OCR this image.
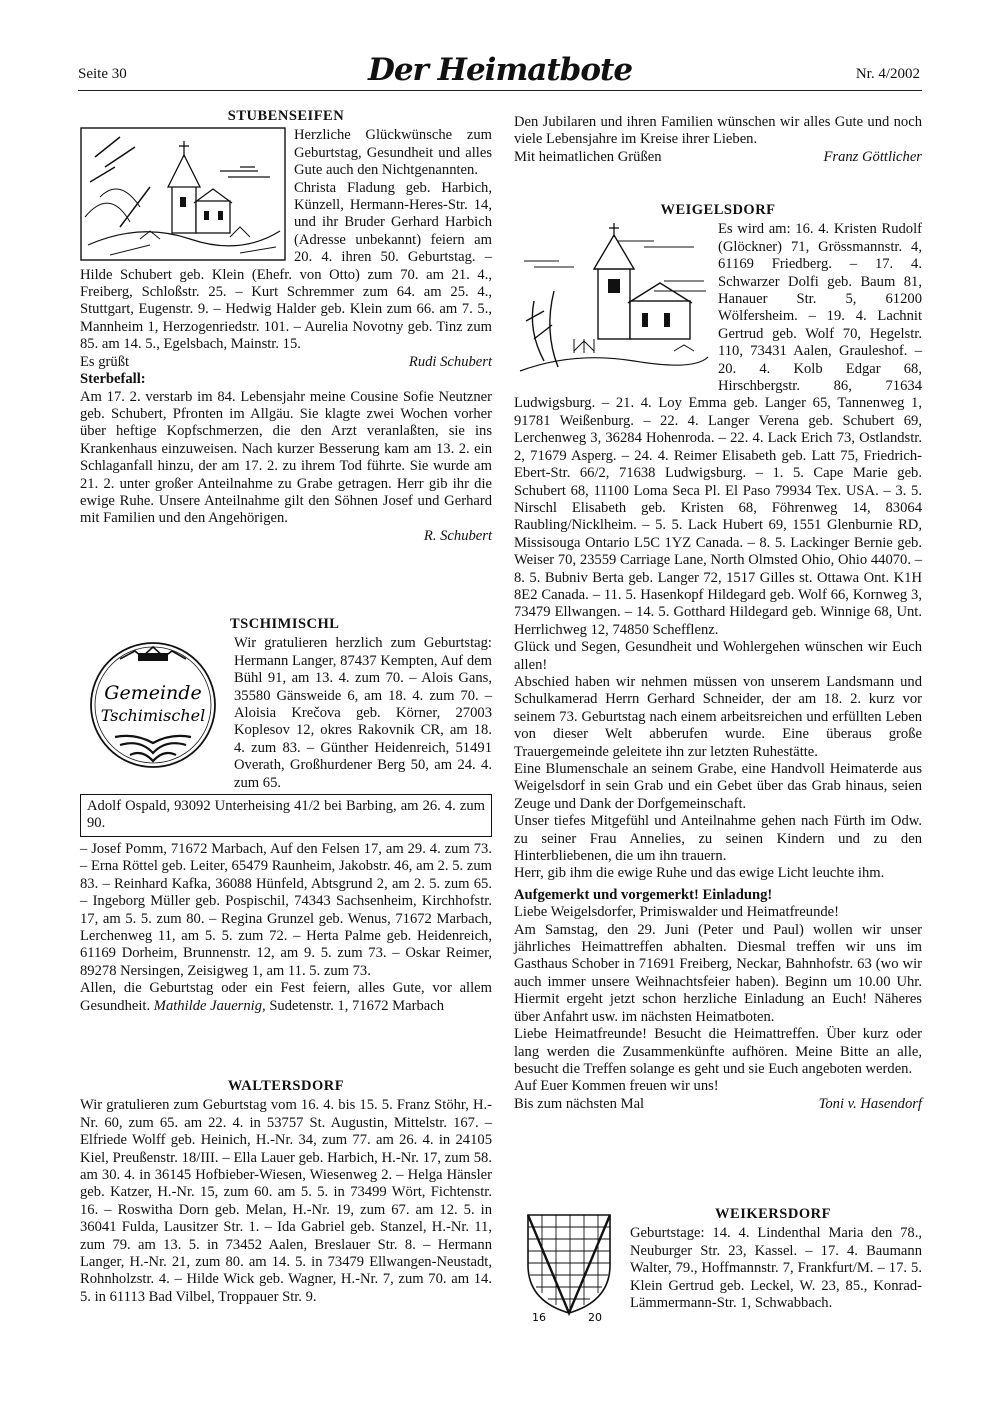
Seite 30	Der Heimatbote	Nr. 4/2002
STUBENSEIFEN

Herzliche Glückwünsche zum Geburtstag, Gesundheit und alles Gute auch den Nichtgenannten.

Christa Fladung geb. Harbich, Künzell, Hermann-Heres-Str. 14, und ihr Bruder Gerhard Harbich (Adresse unbekannt) feiern am 20. 4. ihren 50. Geburtstag. – Hilde Schubert geb. Klein (Ehefr. von Otto) zum 70. am 21. 4., Freiberg, Schloßstr. 25. – Kurt Schremmer zum 64. am 25. 4., Stuttgart, Eugenstr. 9. – Hedwig Halder geb. Klein zum 66. am 7. 5., Mannheim 1, Herzogenriedstr. 101. – Aurelia Novotny geb. Tinz zum 85. am 14. 5., Egelsbach, Mainstr. 15.

Es grüßt	Rudi Schubert

Sterbefall:

Am 17. 2. verstarb im 84. Lebensjahr meine Cousine Sofie Neutzner geb. Schubert, Pfronten im Allgäu. Sie klagte zwei Wochen vorher über heftige Kopfschmerzen, die den Arzt veranlaßten, sie ins Krankenhaus einzuweisen. Nach kurzer Besserung kam am 13. 2. ein Schlaganfall hinzu, der am 17. 2. zu ihrem Tod führte. Sie wurde am 21. 2. unter großer Anteilnahme zu Grabe getragen. Herr gib ihr die ewige Ruhe. Unsere Anteilnahme gilt den Söhnen Josef und Gerhard mit Familien und den Angehörigen.

R. Schubert
TSCHIMISCHL
Gemeinde
Tschimischel

Wir gratulieren herzlich zum Geburtstag: Hermann Langer, 87437 Kempten, Auf dem Bühl 91, am 13. 4. zum 70. – Alois Gans, 35580 Gänsweide 6, am 18. 4. zum 70. – Aloisia Krečova geb. Körner, 27003 Koplesov 12, okres Rakovnik CR, am 18. 4. zum 83. – Günther Heidenreich, 51491 Overath, Großhurdener Berg 50, am 24. 4. zum 65.

Adolf Ospald, 93092 Unterheising 41/2 bei Barbing, am 26. 4. zum 90.

– Josef Pomm, 71672 Marbach, Auf den Felsen 17, am 29. 4. zum 73. – Erna Röttel geb. Leiter, 65479 Raunheim, Jakobstr. 46, am 2. 5. zum 83. – Reinhard Kafka, 36088 Hünfeld, Abtsgrund 2, am 2. 5. zum 65. – Ingeborg Müller geb. Pospischil, 74343 Sachsenheim, Kirchhofstr. 17, am 5. 5. zum 80. – Regina Grunzel geb. Wenus, 71672 Marbach, Lerchenweg 11, am 5. 5. zum 72. – Herta Palme geb. Heidenreich, 61169 Dorheim, Brunnenstr. 12, am 9. 5. zum 73. – Oskar Reimer, 89278 Nersingen, Zeisigweg 1, am 11. 5. zum 73.

Allen, die Geburtstag oder ein Fest feiern, alles Gute, vor allem Gesundheit. Mathilde Jauernig, Sudetenstr. 1, 71672 Marbach

WALTERSDORF

Wir gratulieren zum Geburtstag vom 16. 4. bis 15. 5. Franz Stöhr, H.-Nr. 60, zum 65. am 22. 4. in 53757 St. Augustin, Mittelstr. 167. – Elfriede Wolff geb. Heinich, H.-Nr. 34, zum 77. am 26. 4. in 24105 Kiel, Preußenstr. 18/III. – Ella Lauer geb. Harbich, H.-Nr. 17, zum 58. am 30. 4. in 36145 Hofbieber-Wiesen, Wiesenweg 2. – Helga Hänsler geb. Katzer, H.-Nr. 15, zum 60. am 5. 5. in 73499 Wört, Fichtenstr. 16. – Roswitha Dorn geb. Melan, H.-Nr. 19, zum 67. am 12. 5. in 36041 Fulda, Lausitzer Str. 1. – Ida Gabriel geb. Stanzel, H.-Nr. 11, zum 79. am 13. 5. in 73452 Aalen, Breslauer Str. 8. – Hermann Langer, H.-Nr. 21, zum 80. am 14. 5. in 73479 Ellwangen-Neustadt, Rohnholzstr. 4. – Hilde Wick geb. Wagner, H.-Nr. 7, zum 70. am 14. 5. in 61113 Bad Vilbel, Troppauer Str. 9.

Den Jubilaren und ihren Familien wünschen wir alles Gute und noch viele Lebensjahre im Kreise ihrer Lieben.

Mit heimatlichen Grüßen	Franz Göttlicher
WEIGELSDORF

Es wird am: 16. 4. Kristen Rudolf (Glöckner) 71, Grössmannstr. 4, 61169 Friedberg. – 17. 4. Schwarzer Dolfi geb. Baum 81, Hanauer Str. 5, 61200 Wölfersheim. – 19. 4. Lachnit Gertrud geb. Wolf 70, Hegelstr. 110, 73431 Aalen, Grauleshof. – 20. 4. Kolb Edgar 68, Hirschbergstr. 86, 71634 Ludwigsburg. – 21. 4. Loy Emma geb. Langer 65, Tannenweg 1, 91781 Weißenburg. – 22. 4. Langer Verena geb. Schubert 69, Lerchenweg 3, 36284 Hohenroda. – 22. 4. Lack Erich 73, Ostlandstr. 2, 71679 Asperg. – 24. 4. Reimer Elisabeth geb. Latt 75, Friedrich-Ebert-Str. 66/2, 71638 Ludwigsburg. – 1. 5. Cape Marie geb. Schubert 68, 11100 Loma Seca Pl. El Paso 79934 Tex. USA. – 3. 5. Nirschl Elisabeth geb. Kristen 68, Föhrenweg 14, 83064 Raubling/Nicklheim. – 5. 5. Lack Hubert 69, 1551 Glenburnie RD, Missisouga Ontario L5C 1YZ Canada. – 8. 5. Lackinger Bernie geb. Weiser 70, 23559 Carriage Lane, North Olmsted Ohio, Ohio 44070. – 8. 5. Bubniv Berta geb. Langer 72, 1517 Gilles st. Ottawa Ont. K1H 8E2 Canada. – 11. 5. Hasenkopf Hildegard geb. Wolf 66, Kornweg 3, 73479 Ellwangen. – 14. 5. Gotthard Hildegard geb. Winnige 68, Unt. Herrlichweg 12, 74850 Schefflenz.

Glück und Segen, Gesundheit und Wohlergehen wünschen wir Euch allen!

Abschied haben wir nehmen müssen von unserem Landsmann und Schulkamerad Herrn Gerhard Schneider, der am 18. 2. kurz vor seinem 73. Geburtstag nach einem arbeitsreichen und erfüllten Leben von dieser Welt abberufen wurde. Eine überaus große Trauergemeinde geleitete ihn zur letzten Ruhestätte.

Eine Blumenschale an seinem Grabe, eine Handvoll Heimaterde aus Weigelsdorf in sein Grab und ein Gebet über das Grab hinaus, seien Zeuge und Dank der Dorfgemeinschaft.

Unser tiefes Mitgefühl und Anteilnahme gehen nach Fürth im Odw. zu seiner Frau Annelies, zu seinen Kindern und zu den Hinterbliebenen, die um ihn trauern.

Herr, gib ihm die ewige Ruhe und das ewige Licht leuchte ihm.

Aufgemerkt und vorgemerkt! Einladung!

Liebe Weigelsdorfer, Primiswalder und Heimatfreunde!

Am Samstag, den 29. Juni (Peter und Paul) wollen wir unser jährliches Heimattreffen abhalten. Diesmal treffen wir uns im Gasthaus Schober in 71691 Freiberg, Neckar, Bahnhofstr. 63 (wo wir auch immer unsere Weihnachtsfeier haben). Beginn um 10.00 Uhr. Hiermit ergeht jetzt schon herzliche Einladung an Euch! Näheres über Anfahrt usw. im nächsten Heimatboten.

Liebe Heimatfreunde! Besucht die Heimattreffen. Über kurz oder lang werden die Zusammenkünfte aufhören. Meine Bitte an alle, besucht die Treffen solange es geht und sie Euch angeboten werden.

Auf Euer Kommen freuen wir uns!

Bis zum nächsten Mal	Toni v. Hasendorf
WEIKERSDORF
16	20

Geburtstage: 14. 4. Lindenthal Maria den 78., Neuburger Str. 23, Kassel. – 17. 4. Baumann Walter, 79., Hoffmannstr. 7, Frankfurt/M. – 17. 5. Klein Gertrud geb. Leckel, W. 23, 85., Konrad-Lämmermann-Str. 1, Schwabbach.
